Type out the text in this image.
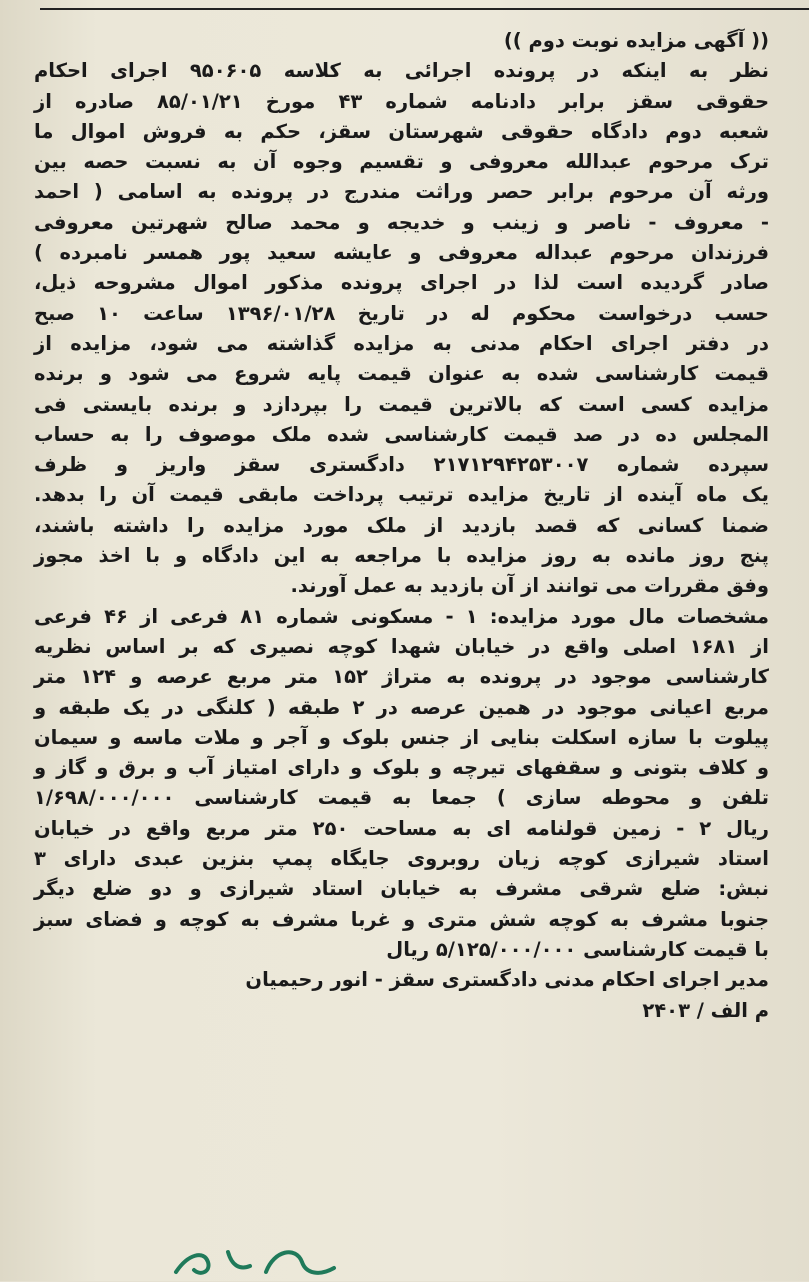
(( آگهی مزایده نوبت دوم ))
نظر به اینکه در پرونده اجرائی به کلاسه ۹۵۰۶۰۵ اجرای احکام
حقوقی سقز برابر دادنامه شماره ۴۳ مورخ ۸۵/۰۱/۲۱ صادره از
شعبه دوم دادگاه حقوقی شهرستان سقز، حکم به فروش اموال ما
ترک مرحوم عبدالله معروفی و تقسیم وجوه آن به نسبت حصه بین
ورثه آن مرحوم برابر حصر وراثت مندرج در پرونده به اسامی ( احمد
- معروف - ناصر و زینب و خدیجه و محمد صالح شهرتین معروفی
فرزندان مرحوم عبداله معروفی و عایشه سعید پور همسر نامبرده )
صادر گردیده است لذا در اجرای پرونده مذکور اموال مشروحه ذیل،
حسب درخواست محکوم له در تاریخ ۱۳۹۶/۰۱/۲۸ ساعت ۱۰ صبح
در دفتر اجرای احکام مدنی به مزایده گذاشته می شود، مزایده از
قیمت کارشناسی شده به عنوان قیمت پایه شروع می شود و برنده
مزایده کسی است که بالاترین قیمت را بپردازد و برنده بایستی فی
المجلس ده در صد قیمت کارشناسی شده ملک موصوف را به حساب
سپرده شماره ۲۱۷۱۲۹۴۲۵۳۰۰۷ دادگستری سقز واریز و ظرف
یک ماه آینده از تاریخ مزایده ترتیب پرداخت مابقی قیمت آن را بدهد.
ضمنا کسانی که قصد بازدید از ملک مورد مزایده را داشته باشند،
پنج روز مانده به روز مزایده با مراجعه به این دادگاه و با اخذ مجوز
وفق مقررات می توانند از آن بازدید به عمل آورند.
مشخصات مال مورد مزایده: ۱ - مسکونی شماره ۸۱ فرعی از ۴۶ فرعی
از ۱۶۸۱ اصلی واقع در خیابان شهدا کوچه نصیری که بر اساس نظریه
کارشناسی موجود در پرونده به متراژ ۱۵۲ متر مربع عرصه و ۱۲۴ متر
مربع اعیانی موجود در همین عرصه در ۲ طبقه ( کلنگی در یک طبقه و
پیلوت با سازه اسکلت بنایی از جنس بلوک و آجر و ملات ماسه و سیمان
و کلاف بتونی و سقفهای تیرچه و بلوک و دارای امتیاز آب و برق و گاز و
تلفن و محوطه سازی ) جمعا به قیمت کارشناسی ۱/۶۹۸/۰۰۰/۰۰۰
ریال ۲ - زمین قولنامه ای به مساحت ۲۵۰ متر مربع واقع در خیابان
استاد شیرازی کوچه زیان روبروی جایگاه پمپ بنزین عبدی دارای ۳
نبش: ضلع شرقی مشرف به خیابان استاد شیرازی و دو ضلع دیگر
جنوبا مشرف به کوچه شش متری و غربا مشرف به کوچه و فضای سبز
با قیمت کارشناسی ۵/۱۲۵/۰۰۰/۰۰۰ ریال
مدیر اجرای احکام مدنی دادگستری سقز - انور رحیمیان
م الف / ۲۴۰۳
